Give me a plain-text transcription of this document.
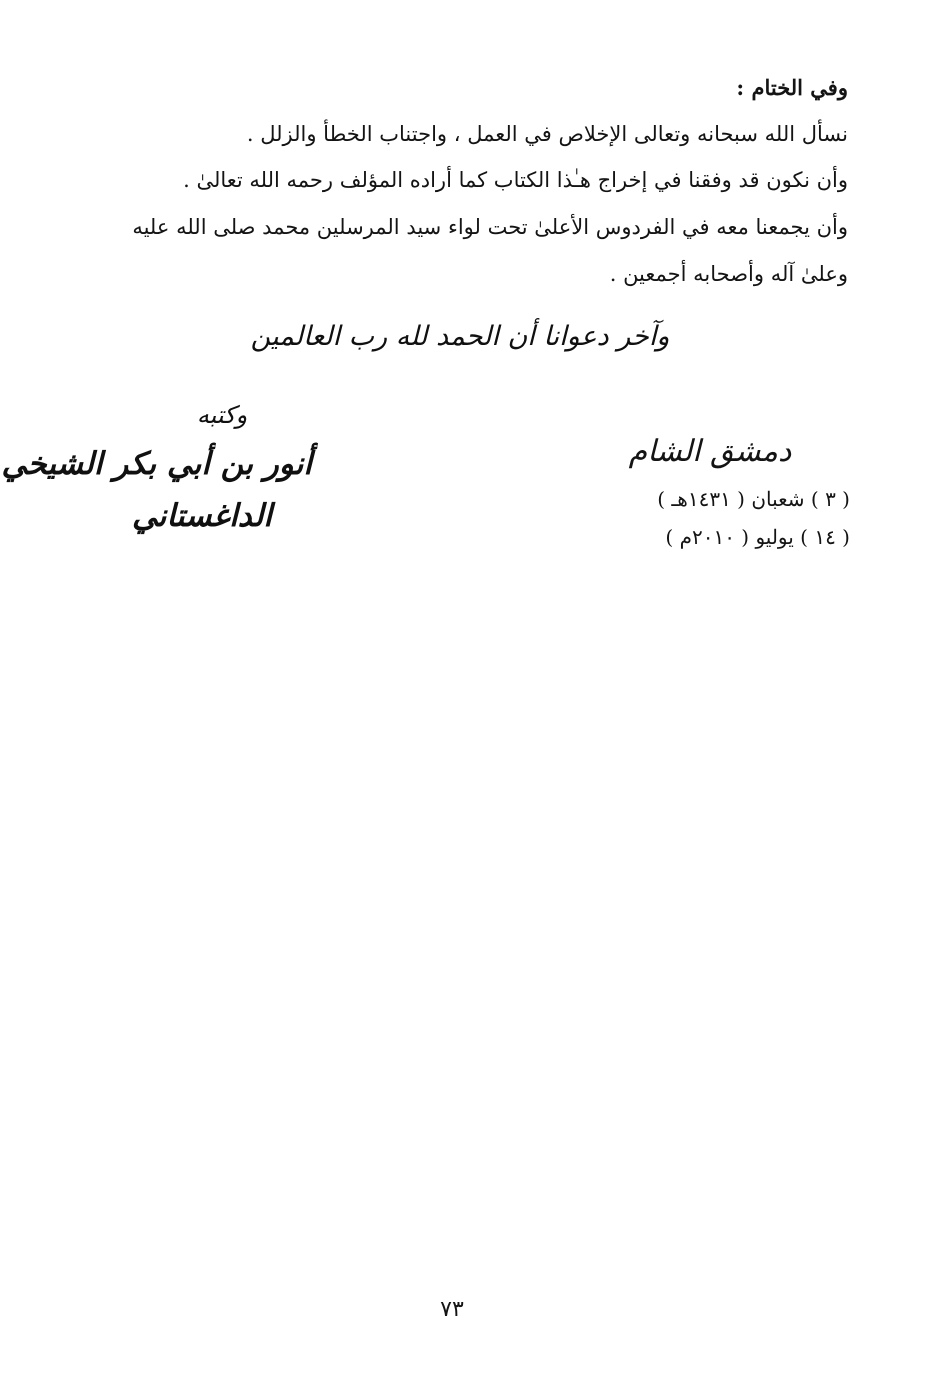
وفي الختام :
نسأل الله سبحانه وتعالى الإخلاص في العمل ، واجتناب الخطأ والزلل .
وأن نكون قد وفقنا في إخراج هـٰذا الكتاب كما أراده المؤلف رحمه الله تعالىٰ .
وأن يجمعنا معه في الفردوس الأعلىٰ تحت لواء سيد المرسلين محمد صلى الله عليه
وعلىٰ آله وأصحابه أجمعين .
وآخر دعوانا أن الحمد لله رب العالمين
دمشق الشام
( ٣ ) شعبان ( ١٤٣١هـ )
( ١٤ ) يوليو ( ٢٠١٠م )
وكتبه
أنور بن أبي بكر الشيخي
الداغستاني
٧٣
